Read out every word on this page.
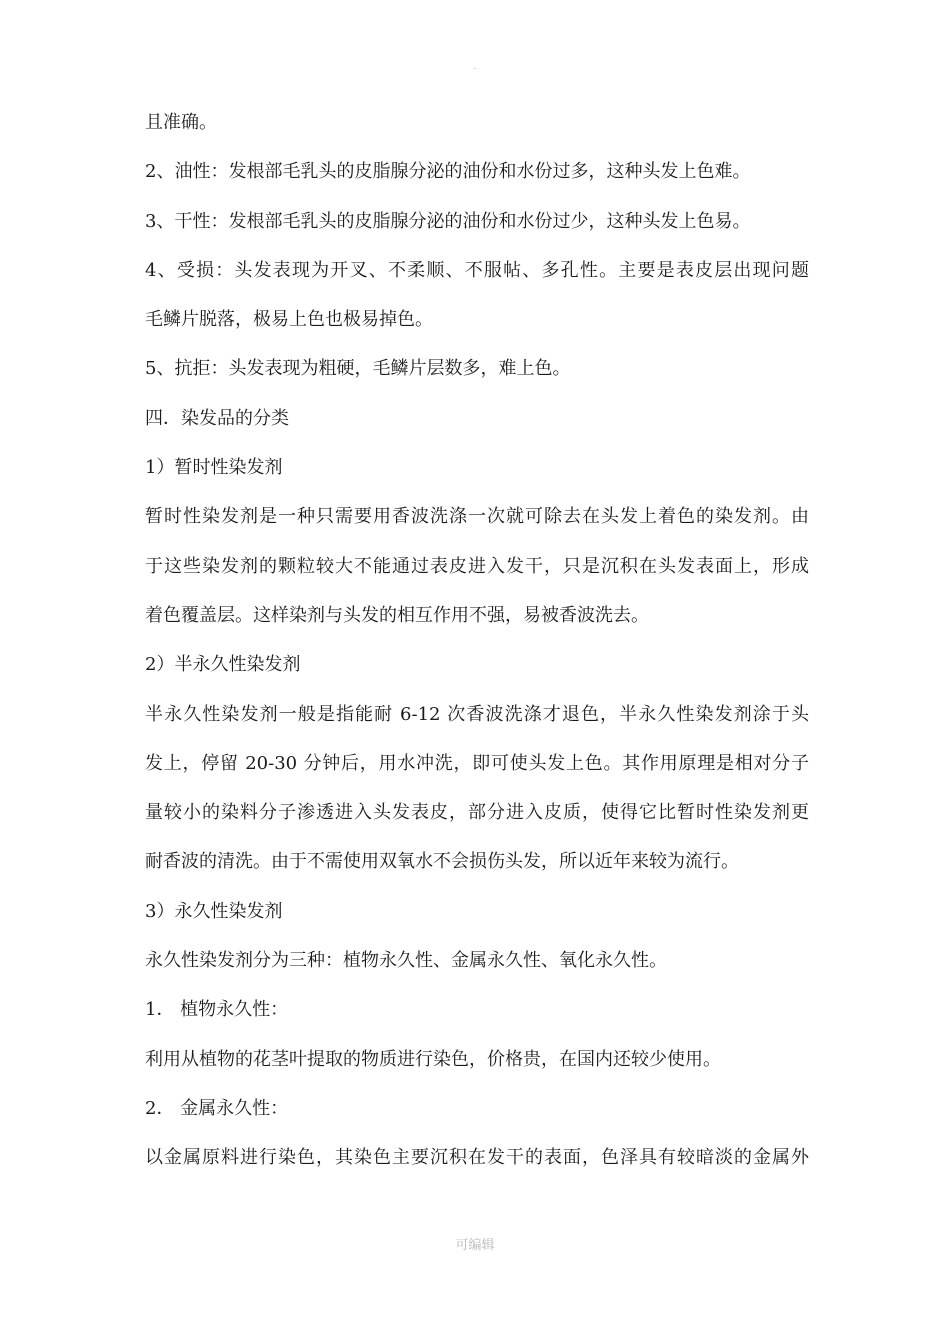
.
且准确。
2、油性：发根部毛乳头的皮脂腺分泌的油份和水份过多，这种头发上色难。
3、干性：发根部毛乳头的皮脂腺分泌的油份和水份过少，这种头发上色易。
4、受损：头发表现为开叉、不柔顺、不服帖、多孔性。主要是表皮层出现问题
毛鳞片脱落，极易上色也极易掉色。
5、抗拒：头发表现为粗硬，毛鳞片层数多，难上色。
四．染发品的分类
1）暂时性染发剂
暂时性染发剂是一种只需要用香波洗涤一次就可除去在头发上着色的染发剂。由
于这些染发剂的颗粒较大不能通过表皮进入发干，只是沉积在头发表面上，形成
着色覆盖层。这样染剂与头发的相互作用不强，易被香波洗去。
2）半永久性染发剂
半永久性染发剂一般是指能耐 6-12 次香波洗涤才退色，半永久性染发剂涂于头
发上，停留 20-30 分钟后，用水冲洗，即可使头发上色。其作用原理是相对分子
量较小的染料分子渗透进入头发表皮，部分进入皮质，使得它比暂时性染发剂更
耐香波的清洗。由于不需使用双氧水不会损伤头发，所以近年来较为流行。
3）永久性染发剂
永久性染发剂分为三种：植物永久性、金属永久性、氧化永久性。
1． 植物永久性：
利用从植物的花茎叶提取的物质进行染色，价格贵，在国内还较少使用。
2． 金属永久性：
以金属原料进行染色，其染色主要沉积在发干的表面，色泽具有较暗淡的金属外
可编辑
